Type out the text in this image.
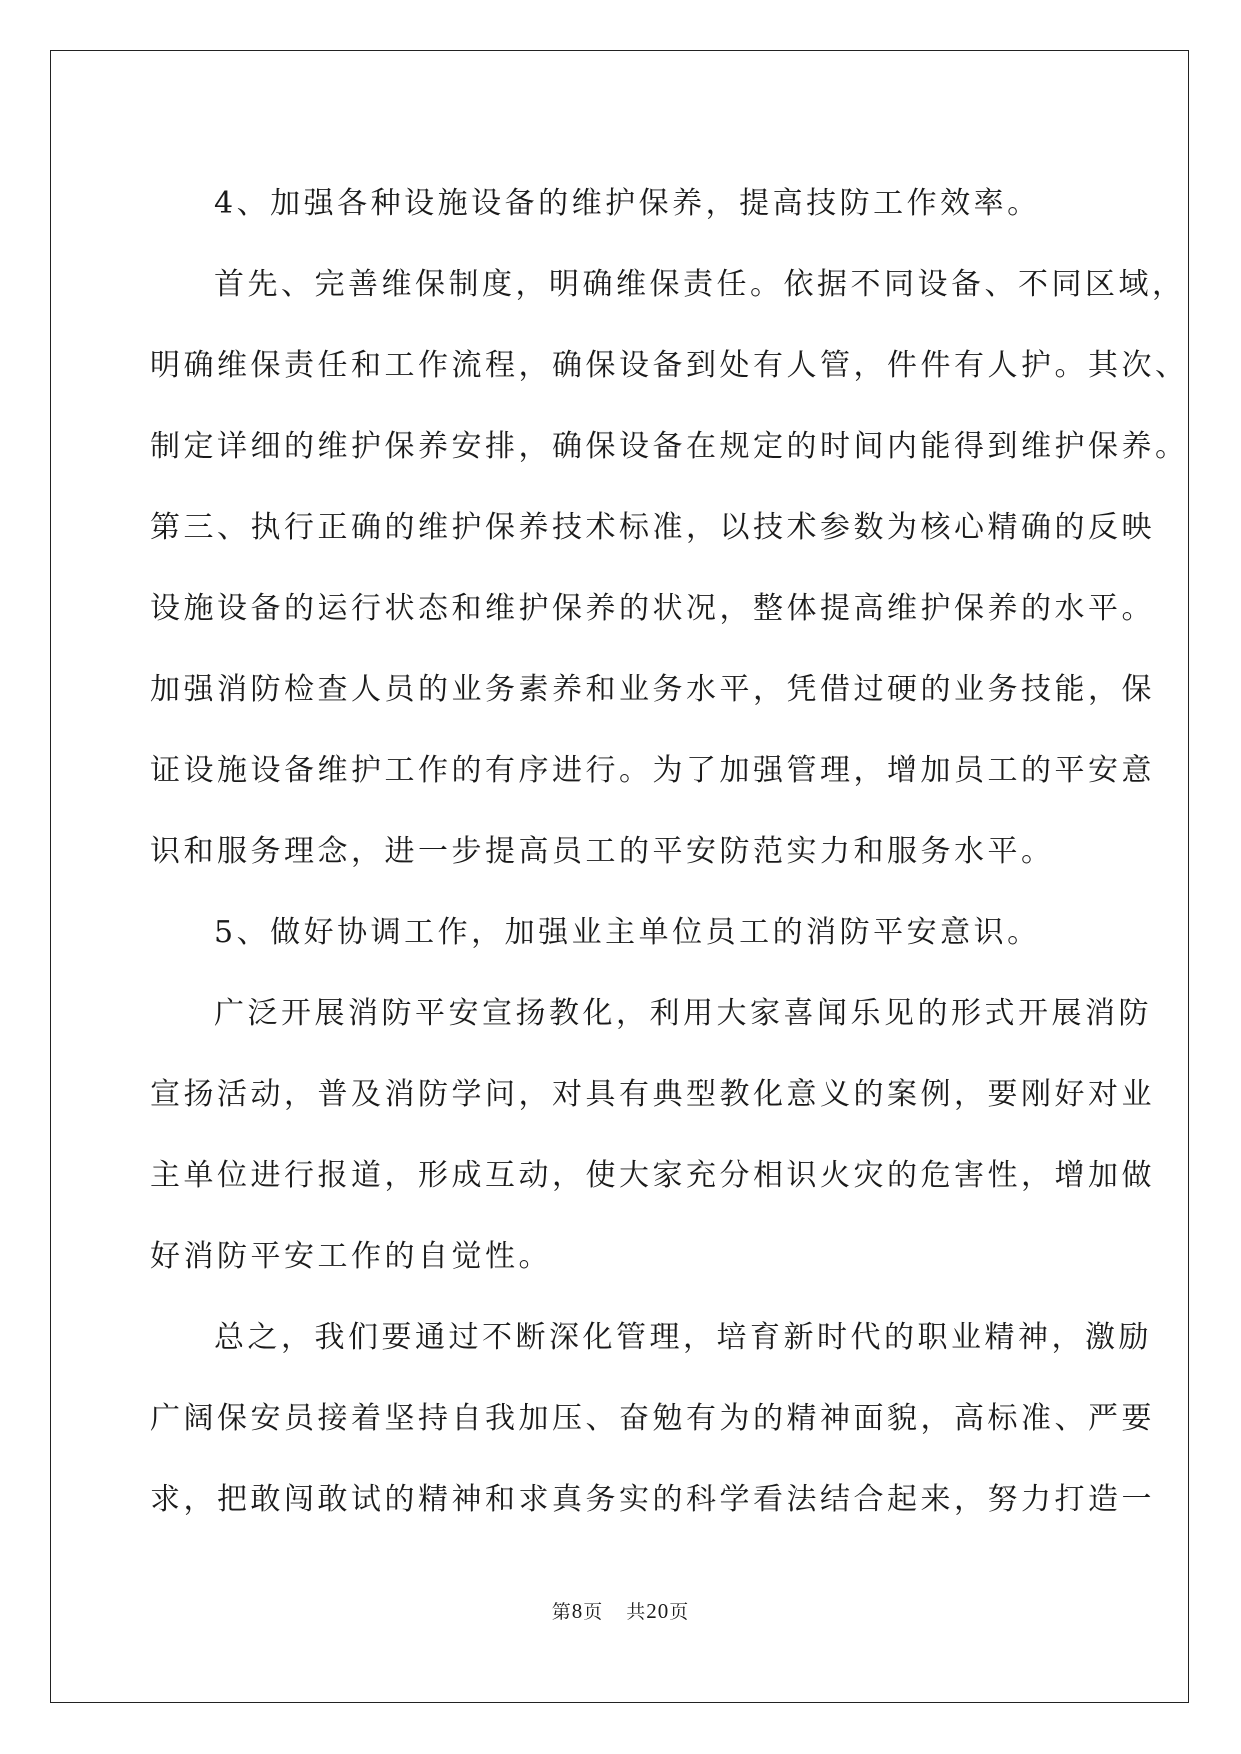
4、加强各种设施设备的维护保养，提高技防工作效率。

首先、完善维保制度，明确维保责任。依据不同设备、不同区域，
明确维保责任和工作流程，确保设备到处有人管，件件有人护。其次、
制定详细的维护保养安排，确保设备在规定的时间内能得到维护保养。
第三、执行正确的维护保养技术标准，以技术参数为核心精确的反映
设施设备的运行状态和维护保养的状况，整体提高维护保养的水平。
加强消防检查人员的业务素养和业务水平，凭借过硬的业务技能，保
证设施设备维护工作的有序进行。为了加强管理，增加员工的平安意
识和服务理念，进一步提高员工的平安防范实力和服务水平。

5、做好协调工作，加强业主单位员工的消防平安意识。

广泛开展消防平安宣扬教化，利用大家喜闻乐见的形式开展消防
宣扬活动，普及消防学问，对具有典型教化意义的案例，要刚好对业
主单位进行报道，形成互动，使大家充分相识火灾的危害性，增加做
好消防平安工作的自觉性。

总之，我们要通过不断深化管理，培育新时代的职业精神，激励
广阔保安员接着坚持自我加压、奋勉有为的精神面貌，高标准、严要
求，把敢闯敢试的精神和求真务实的科学看法结合起来，努力打造一

第8页 共20页
